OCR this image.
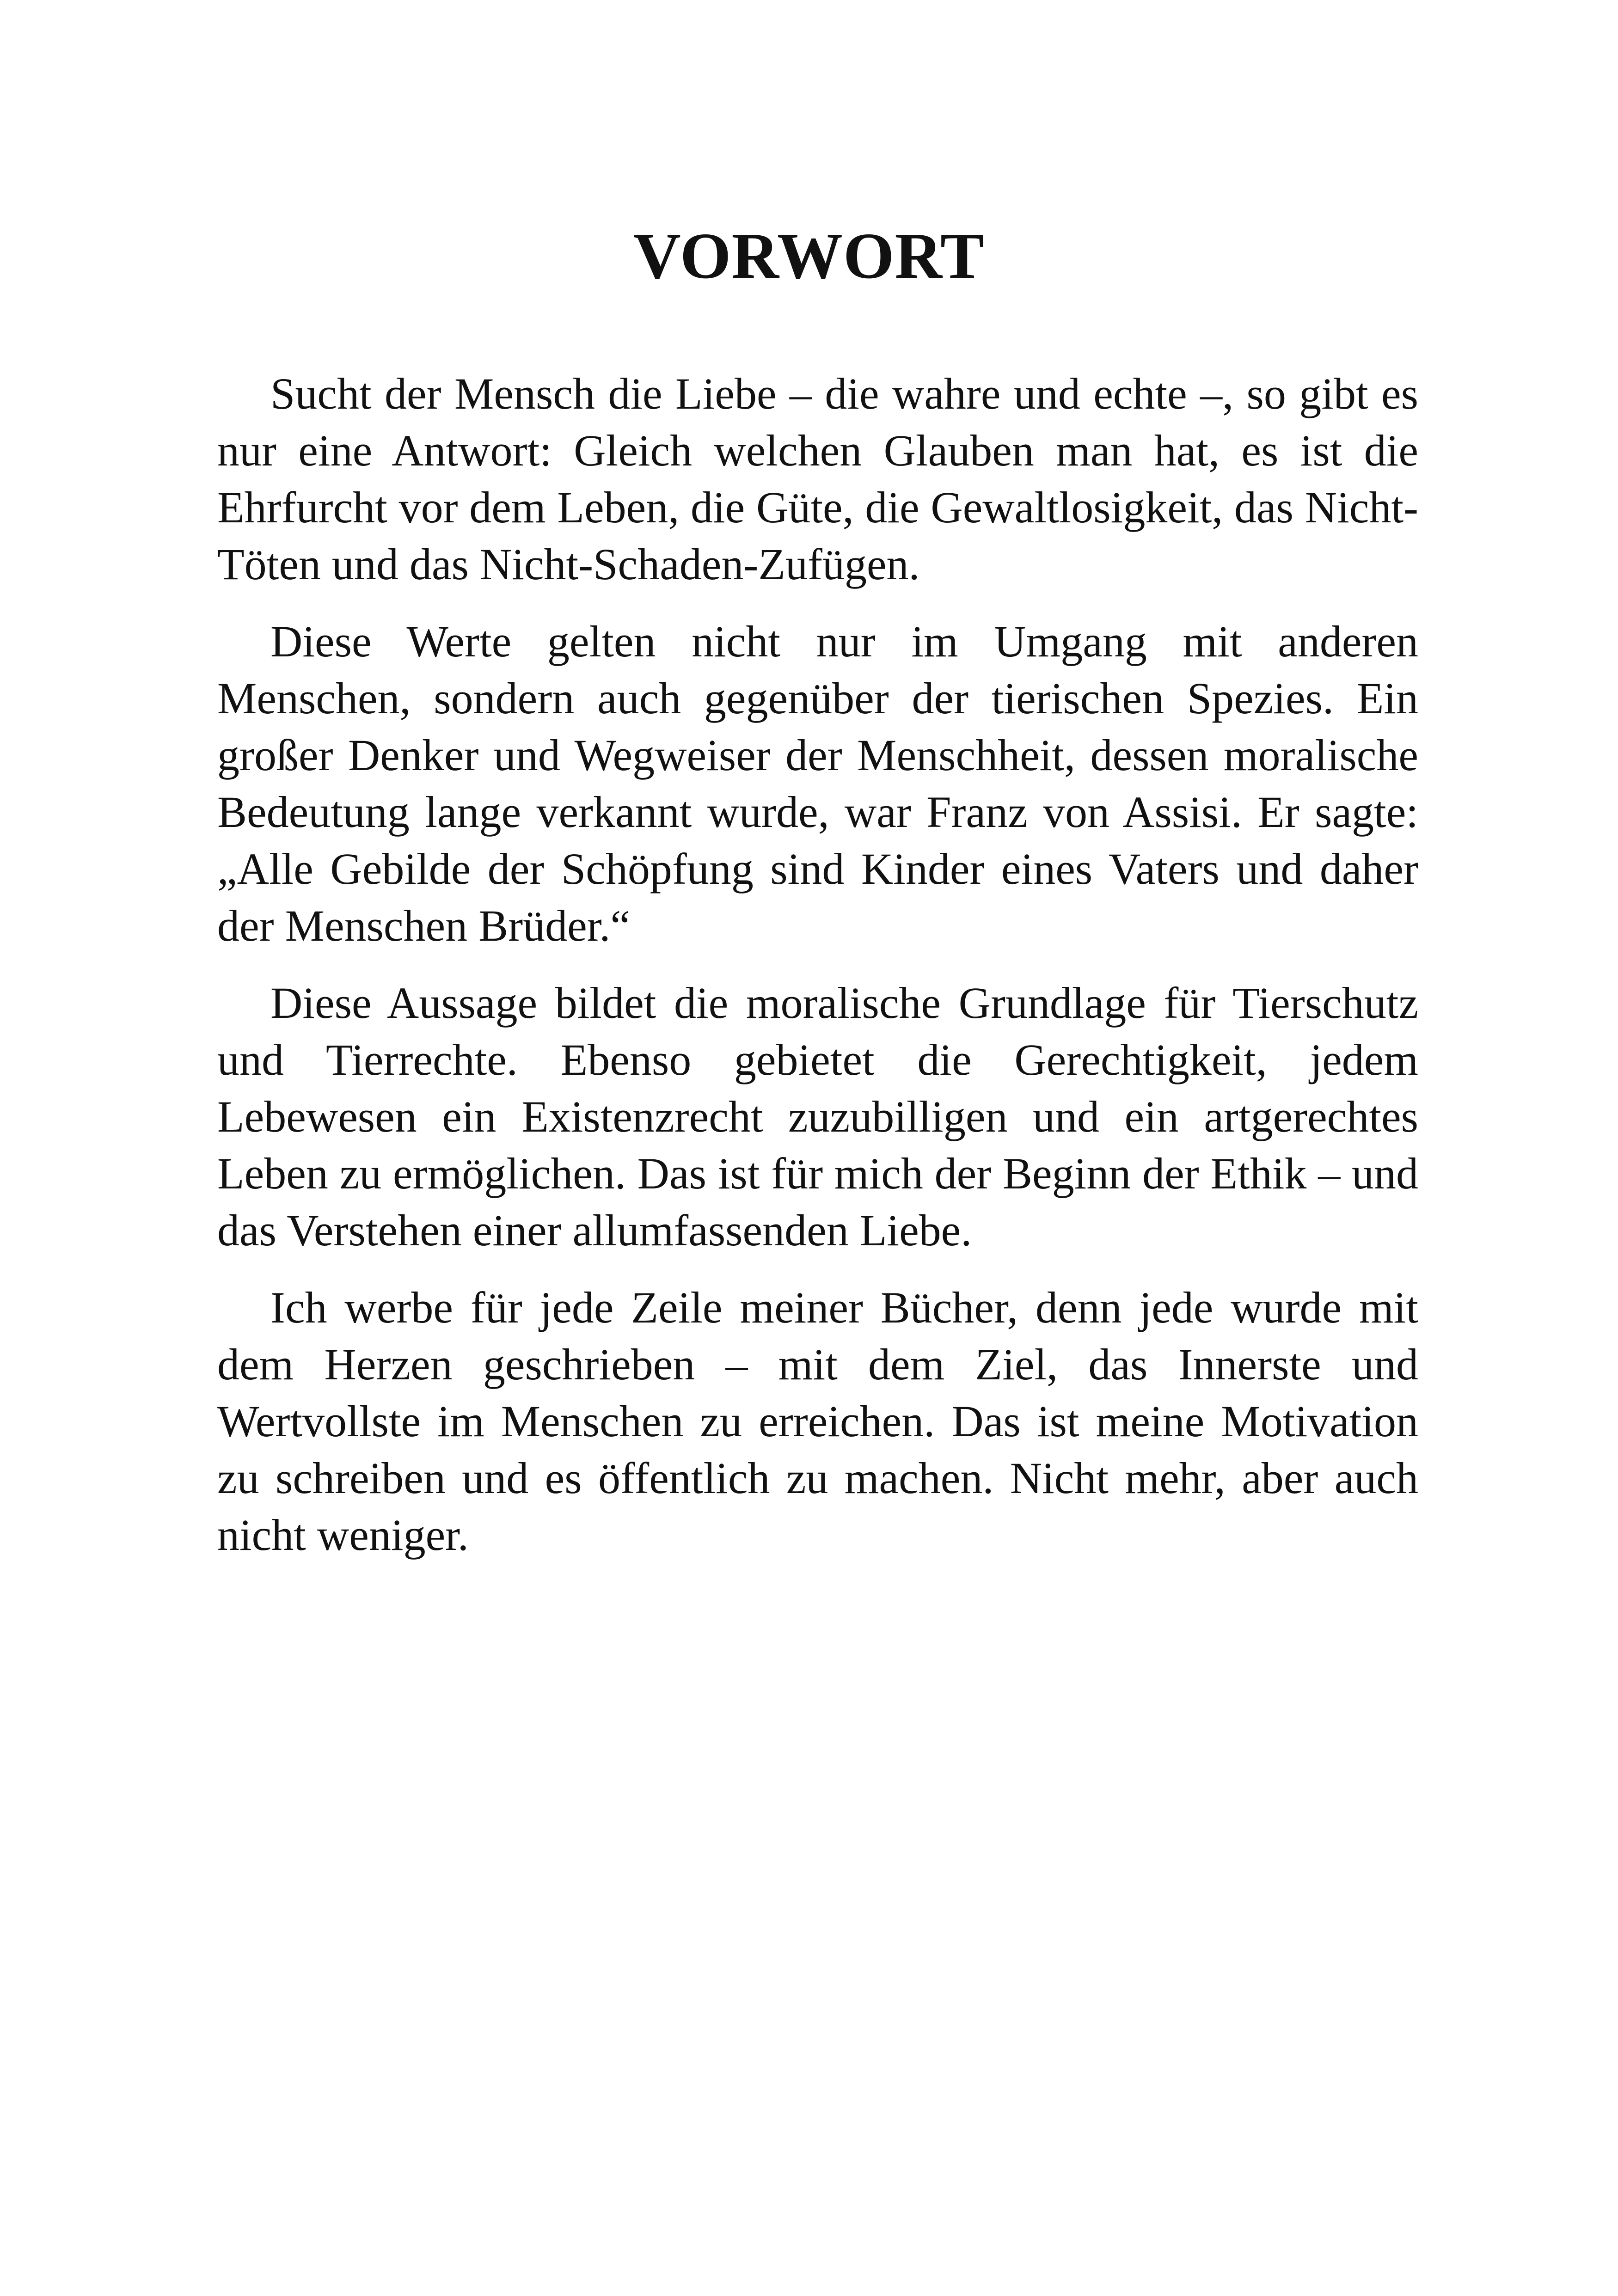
VORWORT

Sucht der Mensch die Liebe – die wahre und echte –, so gibt es nur eine Antwort: Gleich welchen Glauben man hat, es ist die Ehrfurcht vor dem Leben, die Güte, die Gewaltlosigkeit, das Nicht-Töten und das Nicht-Schaden-Zufügen.

Diese Werte gelten nicht nur im Umgang mit anderen Menschen, sondern auch gegenüber der tierischen Spezies. Ein großer Denker und Wegweiser der Menschheit, dessen moralische Bedeutung lange verkannt wurde, war Franz von Assisi. Er sagte: „Alle Gebilde der Schöpfung sind Kinder eines Vaters und daher der Menschen Brüder.“

Diese Aussage bildet die moralische Grundlage für Tierschutz und Tierrechte. Ebenso gebietet die Gerechtigkeit, jedem Lebewesen ein Existenzrecht zuzubilligen und ein artgerechtes Leben zu ermöglichen. Das ist für mich der Beginn der Ethik – und das Verstehen einer allumfassenden Liebe.

Ich werbe für jede Zeile meiner Bücher, denn jede wurde mit dem Herzen geschrieben – mit dem Ziel, das Innerste und Wertvollste im Menschen zu erreichen. Das ist meine Motivation zu schreiben und es öffentlich zu machen. Nicht mehr, aber auch nicht weniger.
